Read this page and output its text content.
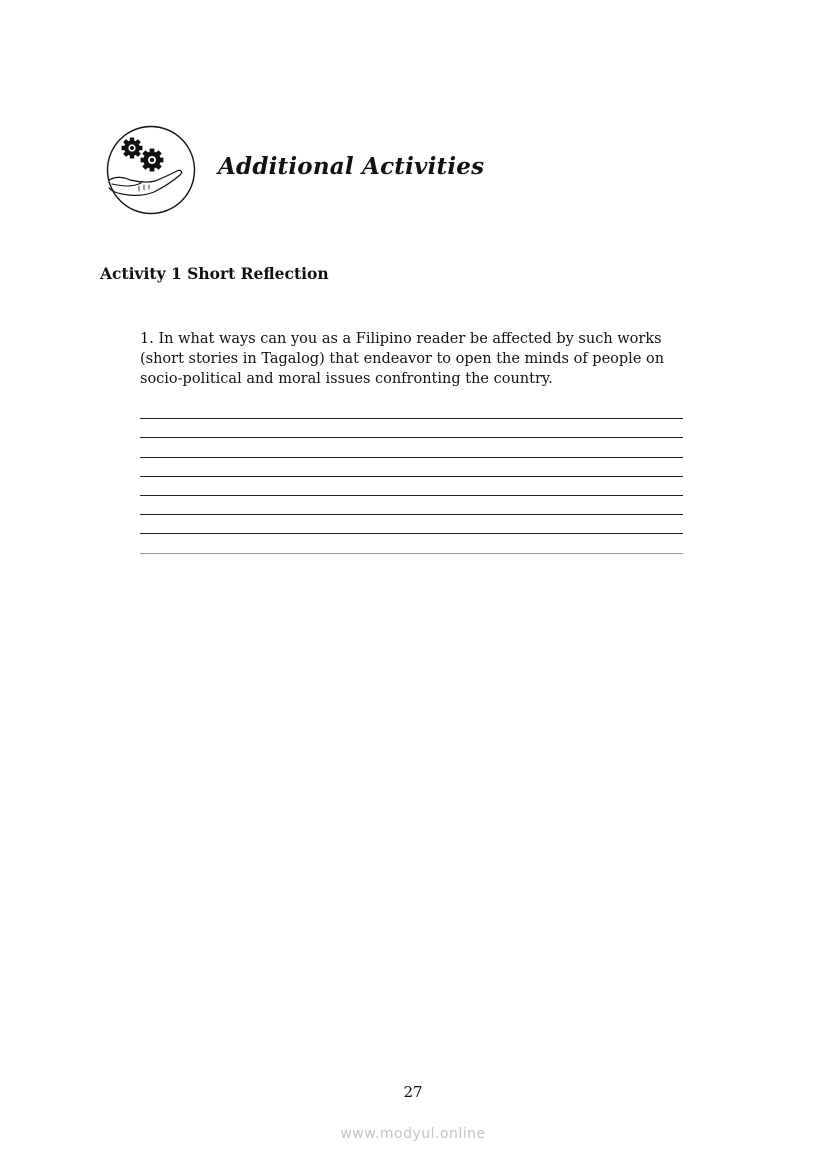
Additional Activities
Activity 1 Short Reflection

1. In what ways can you as a Filipino reader be affected by such works (short stories in Tagalog) that endeavor to open the minds of people on socio-political and moral issues confronting the country.

27
www.modyul.online
